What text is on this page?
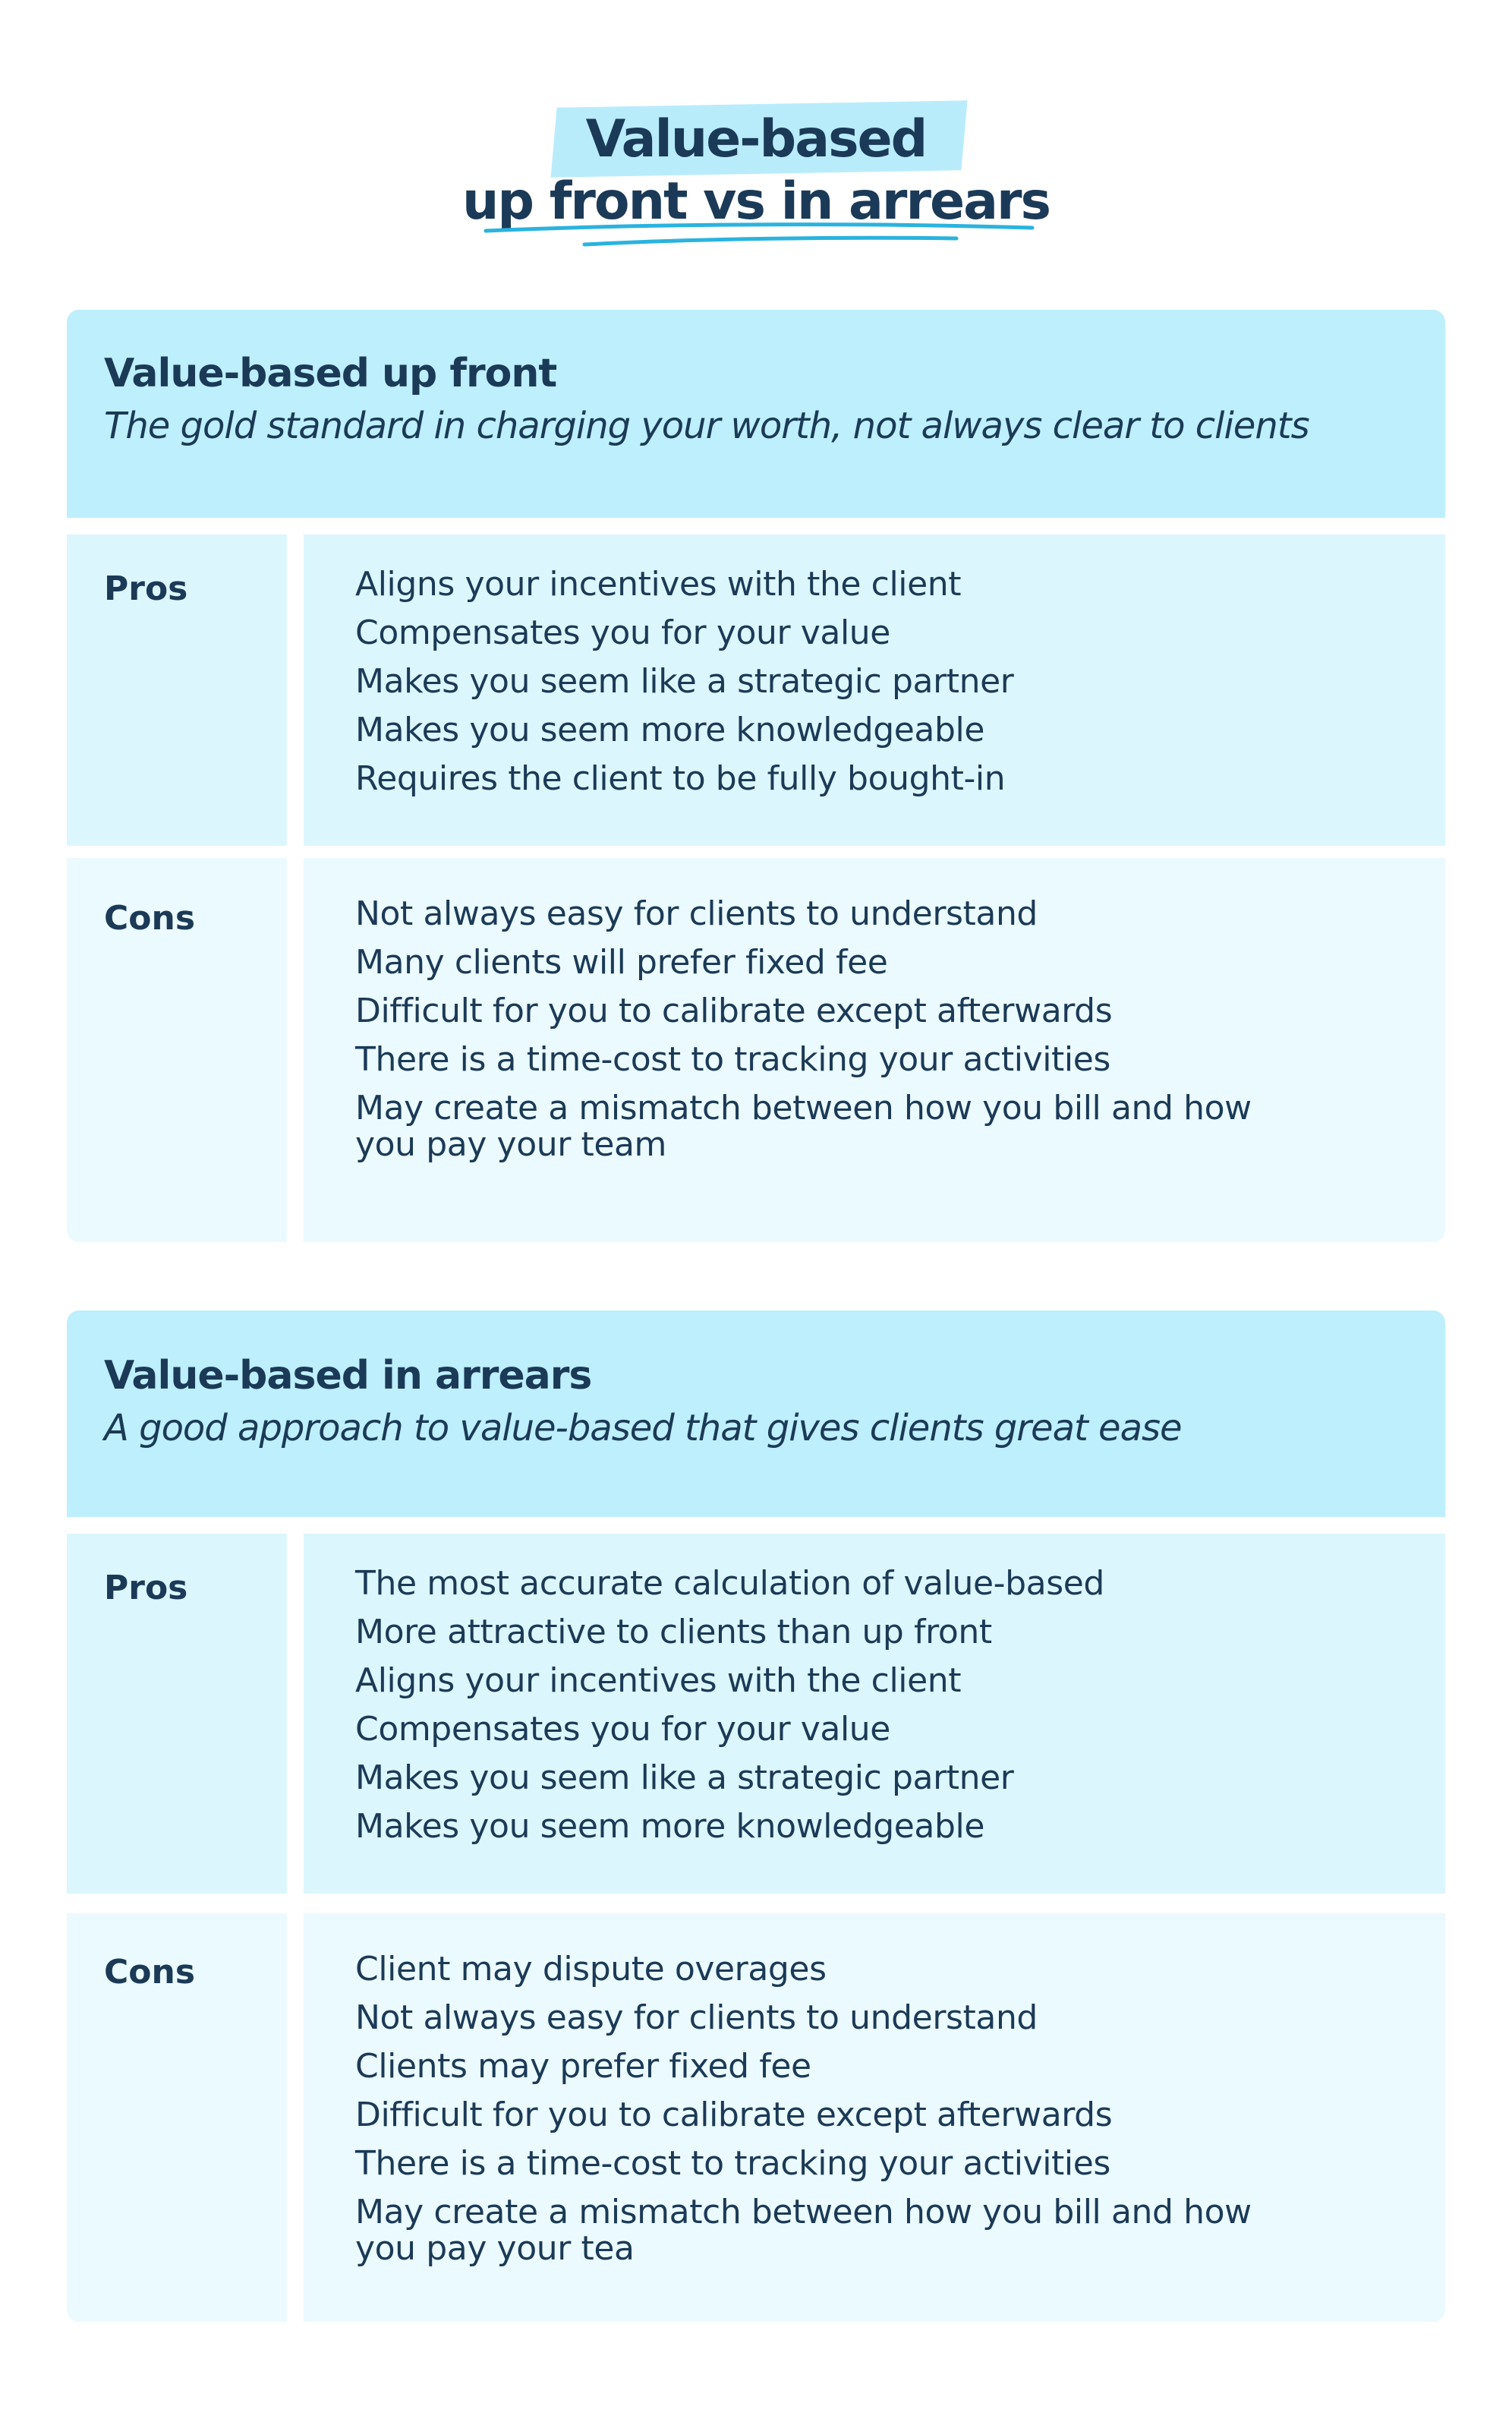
Value-based
up front vs in arrears
Value-based up front
The gold standard in charging your worth, not always clear to clients
Pros	Aligns your incentives with the client
Compensates you for your value
Makes you seem like a strategic partner
Makes you seem more knowledgeable
Requires the client to be fully bought-in
Cons	Not always easy for clients to understand
Many clients will prefer fixed fee
Difficult for you to calibrate except afterwards
There is a time-cost to tracking your activities
May create a mismatch between how you bill and how you pay your team
Value-based in arrears
A good approach to value-based that gives clients great ease
Pros	The most accurate calculation of value-based
More attractive to clients than up front
Aligns your incentives with the client
Compensates you for your value
Makes you seem like a strategic partner
Makes you seem more knowledgeable
Cons	Client may dispute overages
Not always easy for clients to understand
Clients may prefer fixed fee
Difficult for you to calibrate except afterwards
There is a time-cost to tracking your activities
May create a mismatch between how you bill and how you pay your tea
